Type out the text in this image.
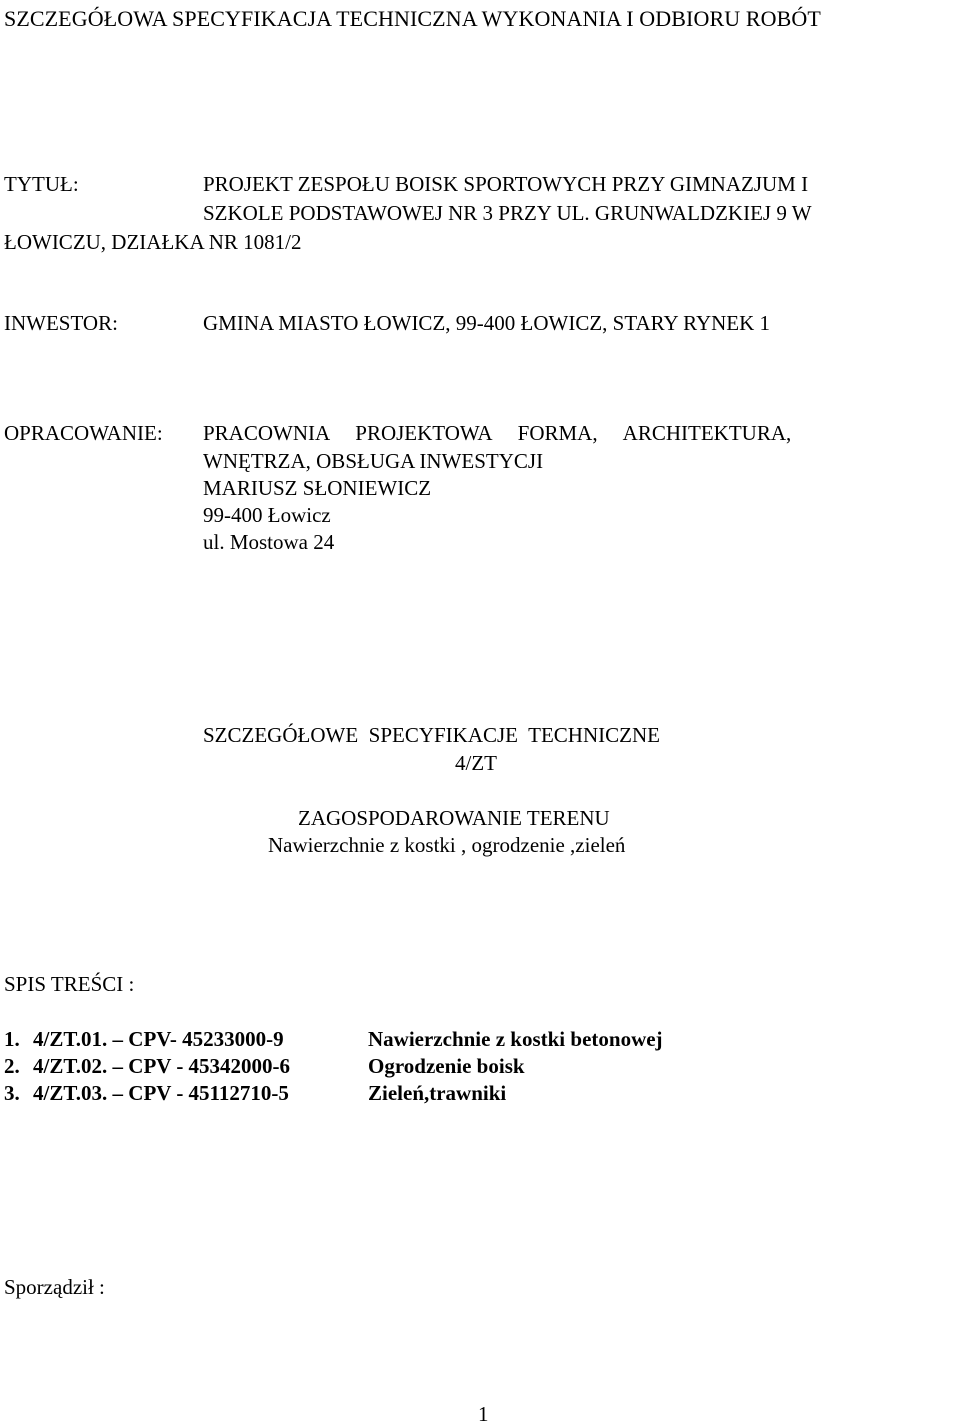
SZCZEGÓŁOWA SPECYFIKACJA TECHNICZNA WYKONANIA I ODBIORU ROBÓT
TYTUŁ:	PROJEKT ZESPOŁU BOISK SPORTOWYCH PRZY GIMNAZJUM I
SZKOLE PODSTAWOWEJ NR 3 PRZY UL. GRUNWALDZKIEJ 9 W
ŁOWICZU, DZIAŁKA NR 1081/2
INWESTOR:	GMINA MIASTO ŁOWICZ, 99-400 ŁOWICZ, STARY RYNEK 1
OPRACOWANIE: PRACOWNIA     PROJEKTOWA     FORMA,     ARCHITEKTURA,
WNĘTRZA, OBSŁUGA INWESTYCJI
MARIUSZ SŁONIEWICZ
99-400 Łowicz
ul. Mostowa 24
SZCZEGÓŁOWE  SPECYFIKACJE  TECHNICZNE
4/ZT
ZAGOSPODAROWANIE TERENU
Nawierzchnie z kostki , ogrodzenie ,zieleń
SPIS TREŚCI :
1. 4/ZT.01. – CPV- 45233000-9	Nawierzchnie z kostki betonowej
2. 4/ZT.02. – CPV - 45342000-6	Ogrodzenie boisk
3. 4/ZT.03. – CPV - 45112710-5	Zieleń,trawniki
Sporządził :
1
